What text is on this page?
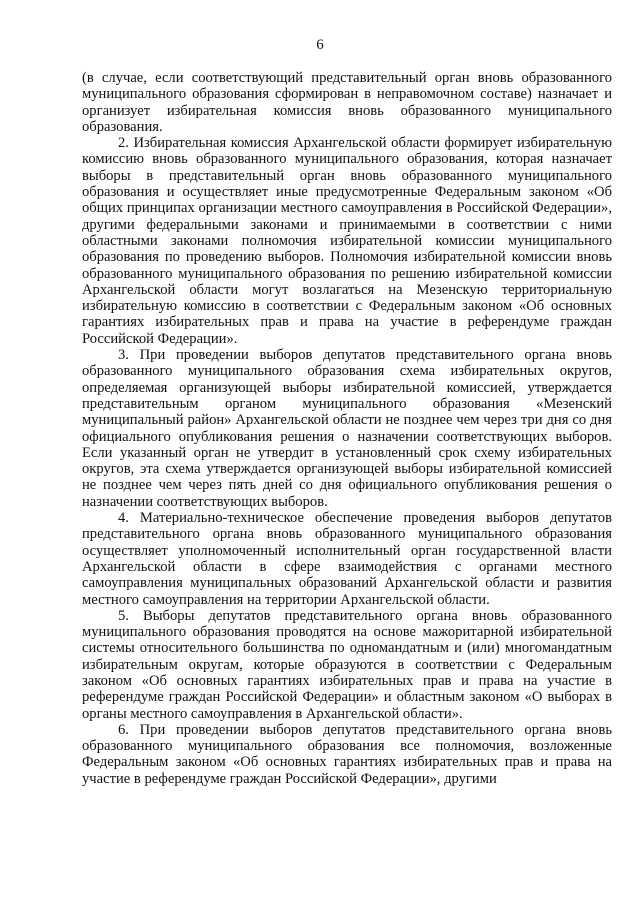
6

(в случае, если соответствующий представительный орган вновь образованного муниципального образования сформирован в неправомочном составе) назначает и организует избирательная комиссия вновь образованного муниципального образования.

2. Избирательная комиссия Архангельской области формирует избирательную комиссию вновь образованного муниципального образования, которая назначает выборы в представительный орган вновь образованного муниципального образования и осуществляет иные предусмотренные Федеральным законом «Об общих принципах организации местного самоуправления в Российской Федерации», другими федеральными законами и принимаемыми в соответствии с ними областными законами полномочия избирательной комиссии муниципального образования по проведению выборов. Полномочия избирательной комиссии вновь образованного муниципального образования по решению избирательной комиссии Архангельской области могут возлагаться на Мезенскую территориальную избирательную комиссию в соответствии с Федеральным законом «Об основных гарантиях избирательных прав и права на участие в референдуме граждан Российской Федерации».

3. При проведении выборов депутатов представительного органа вновь образованного муниципального образования схема избирательных округов, определяемая организующей выборы избирательной комиссией, утверждается представительным органом муниципального образования «Мезенский муниципальный район» Архангельской области не позднее чем через три дня со дня официального опубликования решения о назначении соответствующих выборов. Если указанный орган не утвердит в установленный срок схему избирательных округов, эта схема утверждается организующей выборы избирательной комиссией не позднее чем через пять дней со дня официального опубликования решения о назначении соответствующих выборов.

4. Материально-техническое обеспечение проведения выборов депутатов представительного органа вновь образованного муниципального образования осуществляет уполномоченный исполнительный орган государственной власти Архангельской области в сфере взаимодействия с органами местного самоуправления муниципальных образований Архангельской области и развития местного самоуправления на территории Архангельской области.

5. Выборы депутатов представительного органа вновь образованного муниципального образования проводятся на основе мажоритарной избирательной системы относительного большинства по одномандатным и (или) многомандатным избирательным округам, которые образуются в соответствии с Федеральным законом «Об основных гарантиях избирательных прав и права на участие в референдуме граждан Российской Федерации» и областным законом «О выборах в органы местного самоуправления в Архангельской области».

6. При проведении выборов депутатов представительного органа вновь образованного муниципального образования все полномочия, возложенные Федеральным законом «Об основных гарантиях избирательных прав и права на участие в референдуме граждан Российской Федерации», другими
